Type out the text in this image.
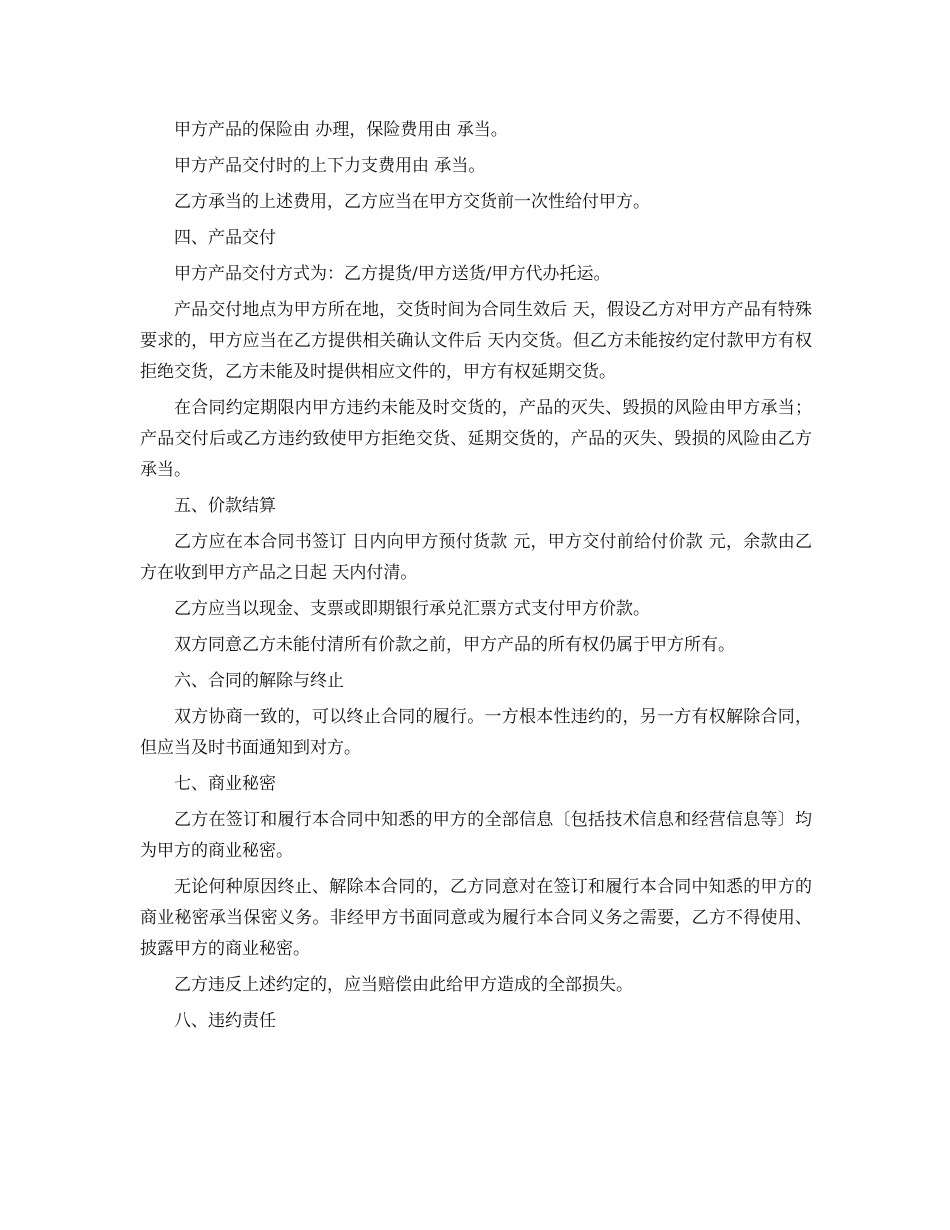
甲方产品的保险由 办理，保险费用由 承当。

甲方产品交付时的上下力支费用由 承当。

乙方承当的上述费用，乙方应当在甲方交货前一次性给付甲方。

四、产品交付

甲方产品交付方式为：乙方提货/甲方送货/甲方代办托运。

产品交付地点为甲方所在地，交货时间为合同生效后 天，假设乙方对甲方产品有特殊要求的，甲方应当在乙方提供相关确认文件后 天内交货。但乙方未能按约定付款甲方有权拒绝交货，乙方未能及时提供相应文件的，甲方有权延期交货。

在合同约定期限内甲方违约未能及时交货的，产品的灭失、毁损的风险由甲方承当；产品交付后或乙方违约致使甲方拒绝交货、延期交货的，产品的灭失、毁损的风险由乙方承当。

五、价款结算

乙方应在本合同书签订 日内向甲方预付货款 元，甲方交付前给付价款 元，余款由乙方在收到甲方产品之日起 天内付清。

乙方应当以现金、支票或即期银行承兑汇票方式支付甲方价款。

双方同意乙方未能付清所有价款之前，甲方产品的所有权仍属于甲方所有。

六、合同的解除与终止

双方协商一致的，可以终止合同的履行。一方根本性违约的，另一方有权解除合同，但应当及时书面通知到对方。

七、商业秘密

乙方在签订和履行本合同中知悉的甲方的全部信息〔包括技术信息和经营信息等〕均为甲方的商业秘密。

无论何种原因终止、解除本合同的，乙方同意对在签订和履行本合同中知悉的甲方的商业秘密承当保密义务。非经甲方书面同意或为履行本合同义务之需要，乙方不得使用、披露甲方的商业秘密。

乙方违反上述约定的，应当赔偿由此给甲方造成的全部损失。

八、违约责任
